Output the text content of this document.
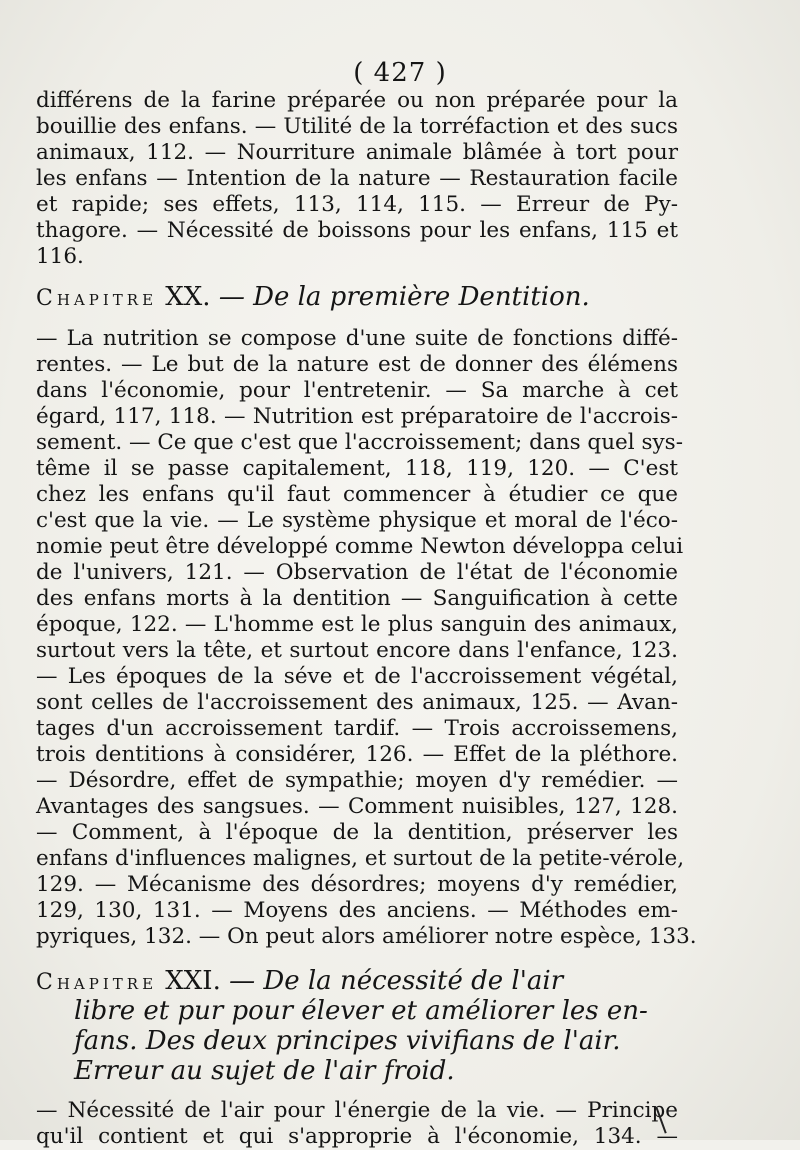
( 427 )
différens de la farine préparée ou non préparée pour la
bouillie des enfans. — Utilité de la torréfaction et des sucs
animaux, 112. — Nourriture animale blâmée à tort pour
les enfans — Intention de la nature — Restauration facile
et rapide; ses effets, 113, 114, 115. — Erreur de Py-
thagore. — Nécessité de boissons pour les enfans, 115 et
116.
Chapitre XX. — De la première Dentition.
— La nutrition se compose d'une suite de fonctions diffé-
rentes. — Le but de la nature est de donner des élémens
dans l'économie, pour l'entretenir. — Sa marche à cet
égard, 117, 118. — Nutrition est préparatoire de l'accrois-
sement. — Ce que c'est que l'accroissement; dans quel sys-
tême il se passe capitalement, 118, 119, 120. — C'est
chez les enfans qu'il faut commencer à étudier ce que
c'est que la vie. — Le système physique et moral de l'éco-
nomie peut être développé comme Newton développa celui
de l'univers, 121. — Observation de l'état de l'économie
des enfans morts à la dentition — Sanguification à cette
époque, 122. — L'homme est le plus sanguin des animaux,
surtout vers la tête, et surtout encore dans l'enfance, 123.
— Les époques de la séve et de l'accroissement végétal,
sont celles de l'accroissement des animaux, 125. — Avan-
tages d'un accroissement tardif. — Trois accroissemens,
trois dentitions à considérer, 126. — Effet de la pléthore.
— Désordre, effet de sympathie; moyen d'y remédier. —
Avantages des sangsues. — Comment nuisibles, 127, 128.
— Comment, à l'époque de la dentition, préserver les
enfans d'influences malignes, et surtout de la petite-vérole,
129. — Mécanisme des désordres; moyens d'y remédier,
129, 130, 131. — Moyens des anciens. — Méthodes em-
pyriques, 132. — On peut alors améliorer notre espèce, 133.
Chapitre XXI. — De la nécessité de l'air
libre et pur pour élever et améliorer les en-
fans. Des deux principes vivifians de l'air.
Erreur au sujet de l'air froid.
— Nécessité de l'air pour l'énergie de la vie. — Principe
qu'il contient et qui s'approprie à l'économie, 134. —
